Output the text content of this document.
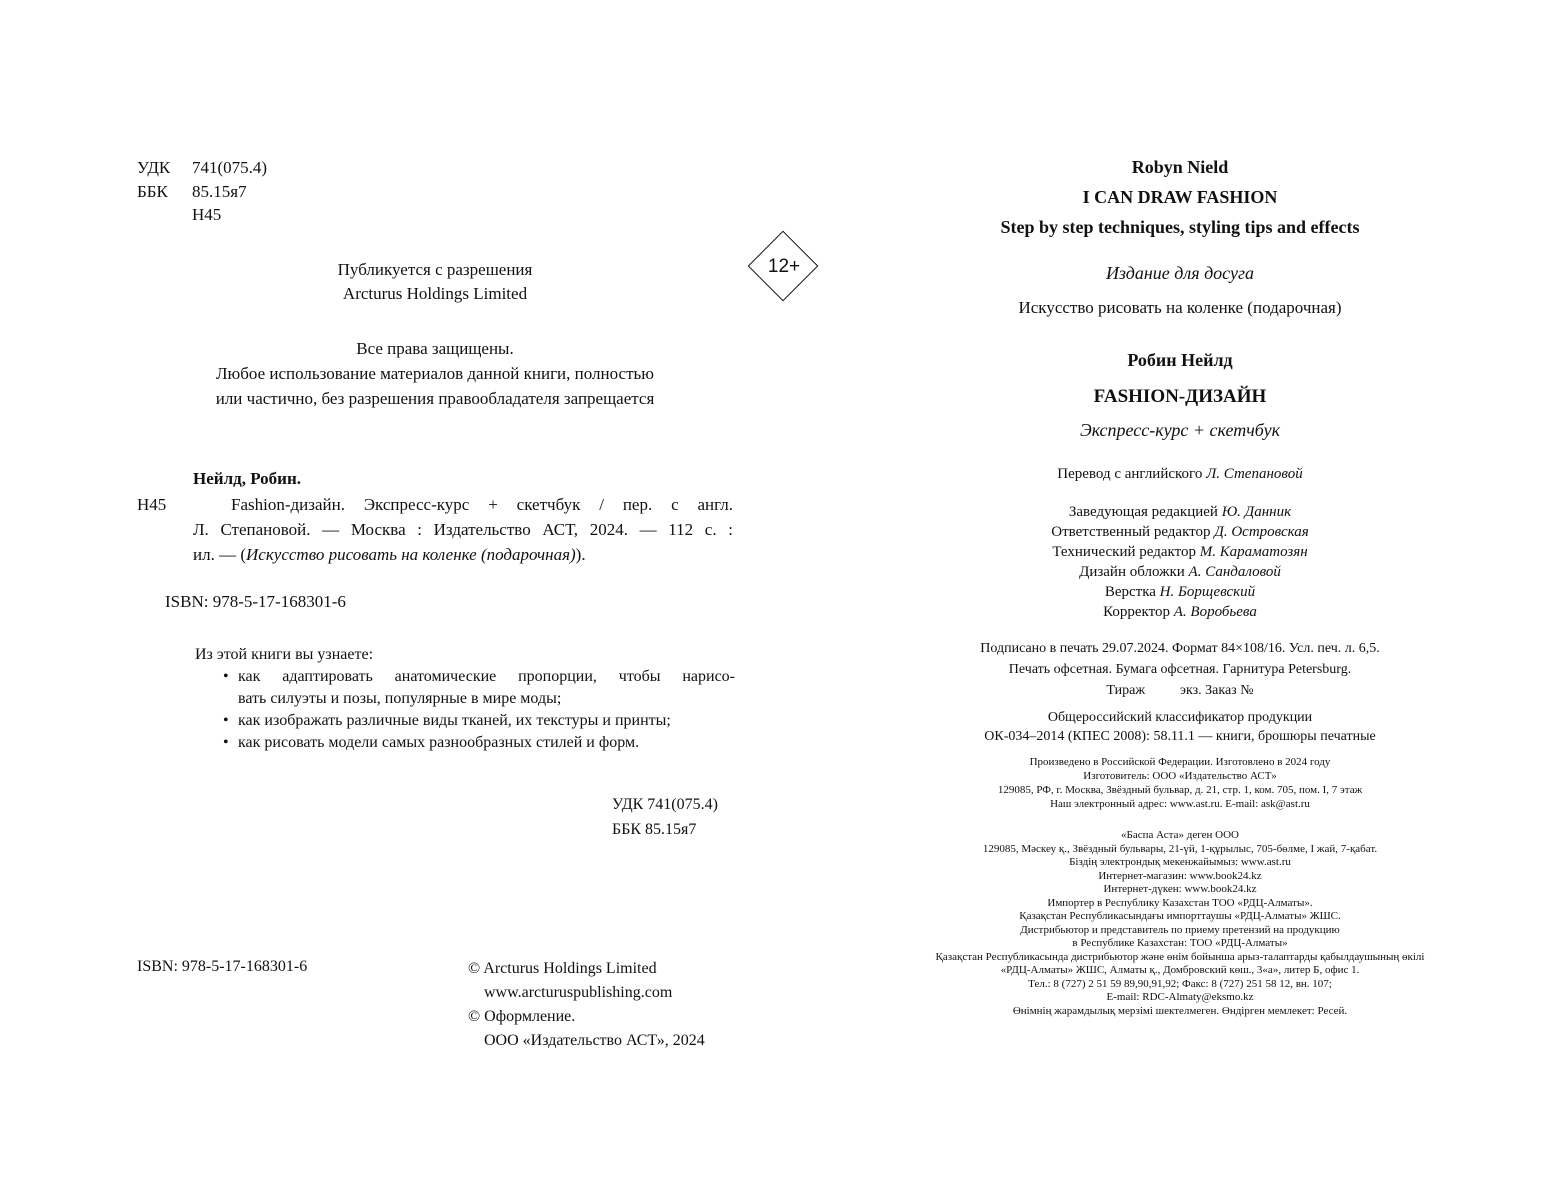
УДК	741(075.4)
ББК	85.15я7
Н45
Публикуется с разрешения
Arcturus Holdings Limited
Все права защищены.
Любое использование материалов данной книги, полностью
или частично, без разрешения правообладателя запрещается
Нейлд, Робин.
Н45	Fashion-дизайн. Экспресс-курс + скетчбук / пер. с англ.
Л. Степановой. — Москва : Издательство АСТ, 2024. — 112 с. :
ил. — (Искусство рисовать на коленке (подарочная)).
ISBN: 978-5-17-168301-6
Из этой книги вы узнаете:
• как адаптировать анатомические пропорции, чтобы нарисо-
вать силуэты и позы, популярные в мире моды;
• как изображать различные виды тканей, их текстуры и принты;
• как рисовать модели самых разнообразных стилей и форм.
УДК 741(075.4)
ББК 85.15я7
ISBN: 978-5-17-168301-6	© Arcturus Holdings Limited
www.arcturuspublishing.com
© Оформление.
ООО «Издательство АСТ», 2024
12+
Robyn Nield
I CAN DRAW FASHION
Step by step techniques, styling tips and effects
Издание для досуга
Искусство рисовать на коленке (подарочная)
Робин Нейлд
FASHION-ДИЗАЙН
Экспресс-курс + скетчбук
Перевод с английского Л. Степановой
Заведующая редакцией Ю. Данник
Ответственный редактор Д. Островская
Технический редактор М. Караматозян
Дизайн обложки А. Сандаловой
Верстка Н. Борщевский
Корректор А. Воробьева
Подписано в печать 29.07.2024. Формат 84×108/16. Усл. печ. л. 6,5.
Печать офсетная. Бумага офсетная. Гарнитура Petersburg.
Тираж          экз. Заказ №
Общероссийский классификатор продукции
ОК-034–2014 (КПЕС 2008): 58.11.1 — книги, брошюры печатные
Произведено в Российской Федерации. Изготовлено в 2024 году
Изготовитель: ООО «Издательство АСТ»
129085, РФ, г. Москва, Звёздный бульвар, д. 21, стр. 1, ком. 705, пом. I, 7 этаж
Наш электронный адрес: www.ast.ru. E-mail: ask@ast.ru
«Баспа Аста» деген ООО
129085, Мәскеу қ., Звёздный бульвары, 21-үй, 1-құрылыс, 705-бөлме, I жай, 7-қабат.
Біздің электрондық мекенжайымыз: www.ast.ru
Интернет-магазин: www.book24.kz
Интернет-дүкен: www.book24.kz
Импортер в Республику Казахстан ТОО «РДЦ-Алматы».
Қазақстан Республикасындағы импорттаушы «РДЦ-Алматы» ЖШС.
Дистрибьютор и представитель по приему претензий на продукцию
в Республике Казахстан: ТОО «РДЦ-Алматы»
Қазақстан Республикасында дистрибьютор және өнім бойынша арыз-талаптарды қабылдаушының өкілі
«РДЦ-Алматы» ЖШС, Алматы қ., Домбровский көш., 3«а», литер Б, офис 1.
Тел.: 8 (727) 2 51 59 89,90,91,92; Факс: 8 (727) 251 58 12, вн. 107;
E-mail: RDC-Almaty@eksmo.kz
Өнімнің жарамдылық мерзімі шектелмеген. Өндірген мемлекет: Ресей.
